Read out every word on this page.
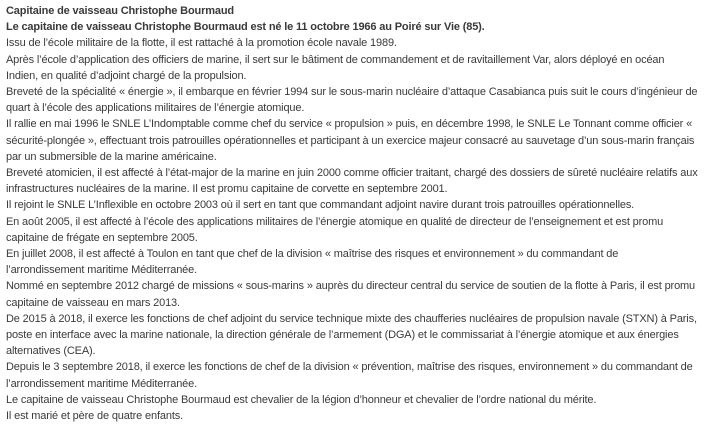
Capitaine de vaisseau Christophe Bourmaud

Le capitaine de vaisseau Christophe Bourmaud est né le 11 octobre 1966 au Poiré sur Vie (85).

Issu de l’école militaire de la flotte, il est rattaché à la promotion école navale 1989.

Après l’école d’application des officiers de marine, il sert sur le bâtiment de commandement et de ravitaillement Var, alors déployé en océan Indien, en qualité d’adjoint chargé de la propulsion.

Breveté de la spécialité « énergie », il embarque en février 1994 sur le sous-marin nucléaire d’attaque Casabianca puis suit le cours d’ingénieur de quart à l’école des applications militaires de l’énergie atomique.

Il rallie en mai 1996 le SNLE L’Indomptable comme chef du service « propulsion » puis, en décembre 1998, le SNLE Le Tonnant comme officier « sécurité-plongée », effectuant trois patrouilles opérationnelles et participant à un exercice majeur consacré au sauvetage d’un sous-marin français par un submersible de la marine américaine.

Breveté atomicien, il est affecté à l’état-major de la marine en juin 2000 comme officier traitant, chargé des dossiers de sûreté nucléaire relatifs aux infrastructures nucléaires de la marine. Il est promu capitaine de corvette en septembre 2001.

Il rejoint le SNLE L’Inflexible en octobre 2003 où il sert en tant que commandant adjoint navire durant trois patrouilles opérationnelles.

En août 2005, il est affecté à l’école des applications militaires de l’énergie atomique en qualité de directeur de l’enseignement et est promu capitaine de frégate en septembre 2005.

En juillet 2008, il est affecté à Toulon en tant que chef de la division « maîtrise des risques et environnement » du commandant de l’arrondissement maritime Méditerranée.

Nommé en septembre 2012 chargé de missions « sous-marins » auprès du directeur central du service de soutien de la flotte à Paris, il est promu capitaine de vaisseau en mars 2013.

De 2015 à 2018, il exerce les fonctions de chef adjoint du service technique mixte des chaufferies nucléaires de propulsion navale (STXN) à Paris, poste en interface avec la marine nationale, la direction générale de l’armement (DGA) et le commissariat à l’énergie atomique et aux énergies alternatives (CEA).

Depuis le 3 septembre 2018, il exerce les fonctions de chef de la division « prévention, maîtrise des risques, environnement » du commandant de l’arrondissement maritime Méditerranée.

Le capitaine de vaisseau Christophe Bourmaud est chevalier de la légion d’honneur et chevalier de l’ordre national du mérite.

Il est marié et père de quatre enfants.
